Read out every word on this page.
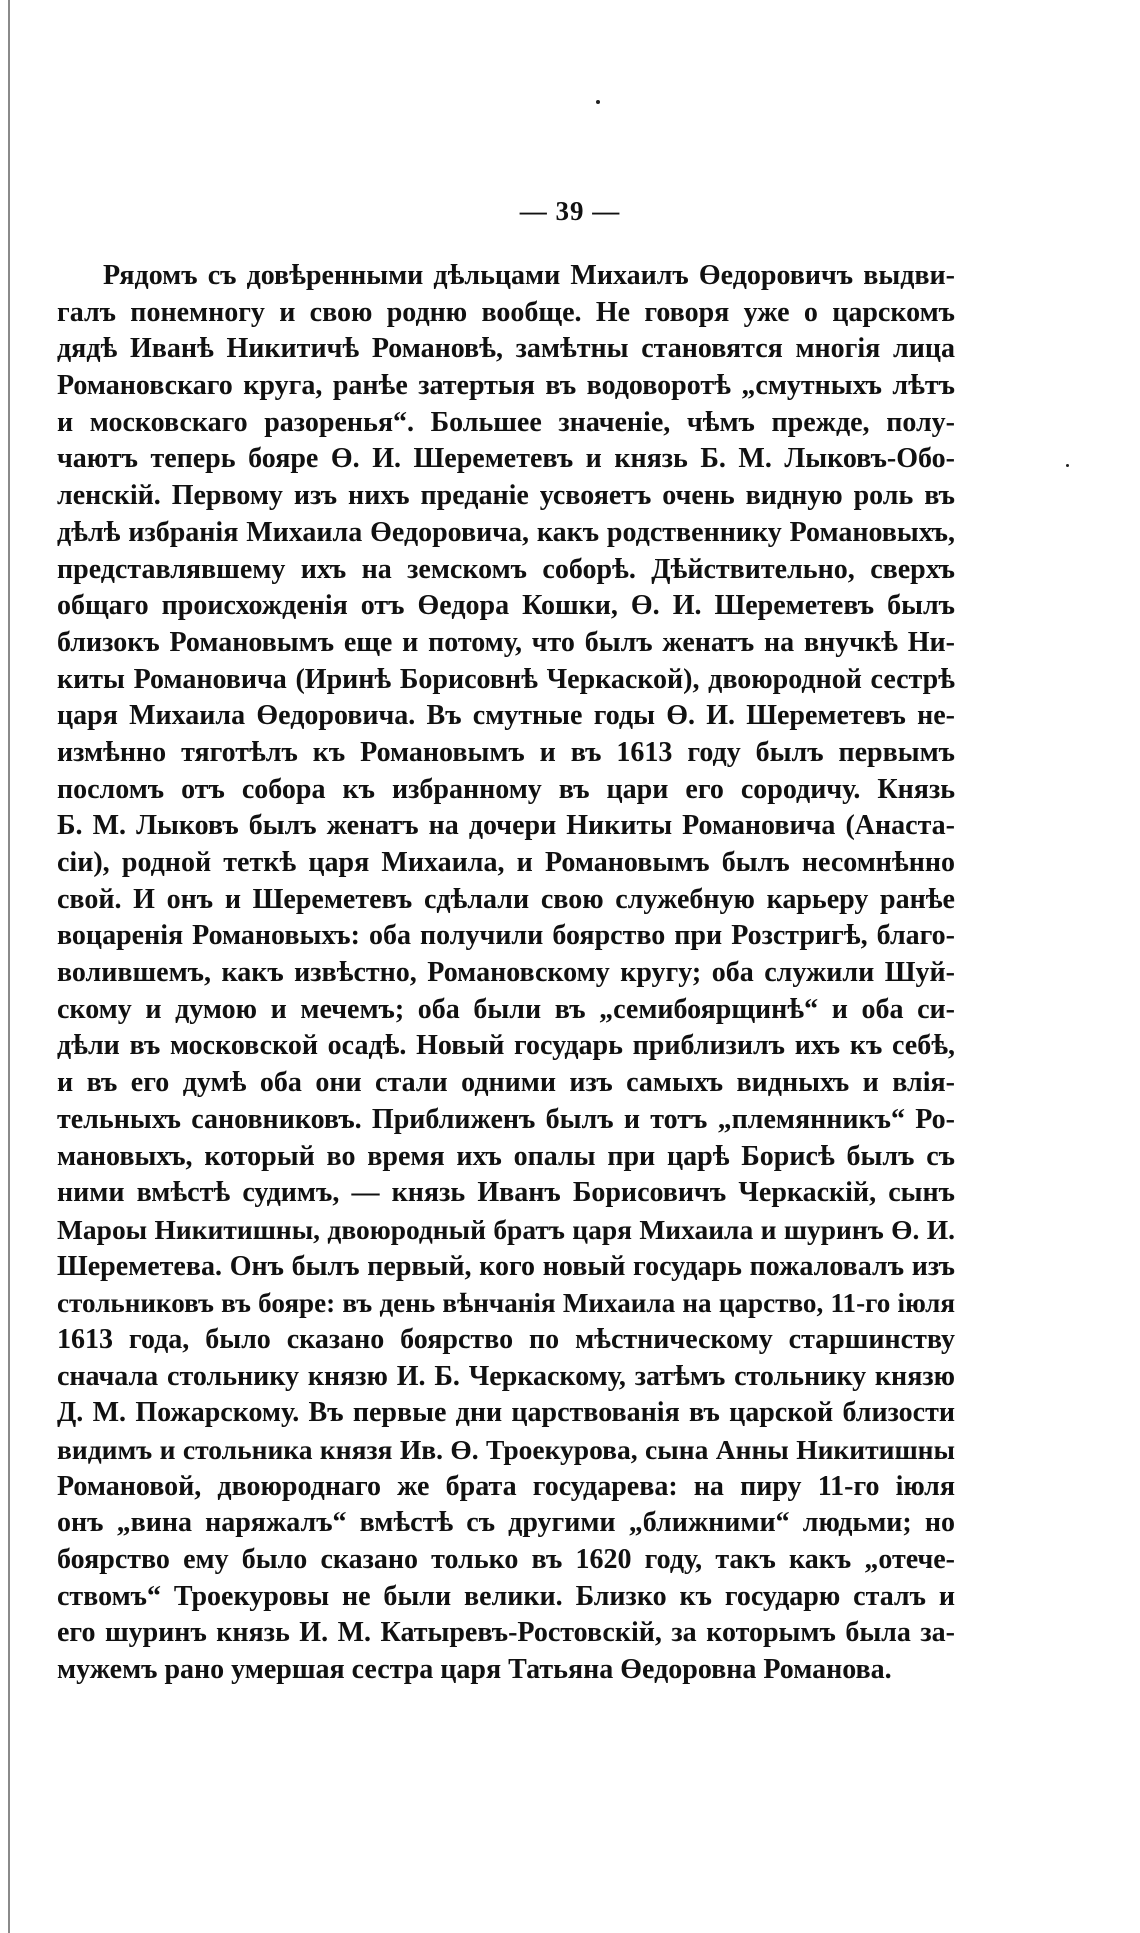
— 39 —
Рядомъ съ довѣренными дѣльцами Михаилъ Өедоровичъ выдви-
галъ понемногу и свою родню вообще. Не говоря уже о царскомъ
дядѣ Иванѣ Никитичѣ Романовѣ, замѣтны становятся многія лица
Романовскаго круга, ранѣе затертыя въ водоворотѣ „смутныхъ лѣтъ
и московскаго разоренья“. Большее значеніе, чѣмъ прежде, полу-
чаютъ теперь бояре Ө. И. Шереметевъ и князь Б. М. Лыковъ-Обо-
ленскій. Первому изъ нихъ преданіе усвояетъ очень видную роль въ
дѣлѣ избранія Михаила Өедоровича, какъ родственнику Романовыхъ,
представлявшему ихъ на земскомъ соборѣ. Дѣйствительно, сверхъ
общаго происхожденія отъ Өедора Кошки, Ө. И. Шереметевъ былъ
близокъ Романовымъ еще и потому, что былъ женатъ на внучкѣ Ни-
киты Романовича (Иринѣ Борисовнѣ Черкаской), двоюродной сестрѣ
царя Михаила Өедоровича. Въ смутные годы Ө. И. Шереметевъ не-
измѣнно тяготѣлъ къ Романовымъ и въ 1613 году былъ первымъ
посломъ отъ собора къ избранному въ цари его сородичу. Князь
Б. М. Лыковъ былъ женатъ на дочери Никиты Романовича (Анаста-
сіи), родной теткѣ царя Михаила, и Романовымъ былъ несомнѣнно
свой. И онъ и Шереметевъ сдѣлали свою служебную карьеру ранѣе
воцаренія Романовыхъ: оба получили боярство при Розстригѣ, благо-
волившемъ, какъ извѣстно, Романовскому кругу; оба служили Шуй-
скому и думою и мечемъ; оба были въ „семибоярщинѣ“ и оба си-
дѣли въ московской осадѣ. Новый государь приблизилъ ихъ къ себѣ,
и въ его думѣ оба они стали одними изъ самыхъ видныхъ и влія-
тельныхъ сановниковъ. Приближенъ былъ и тотъ „племянникъ“ Ро-
мановыхъ, который во время ихъ опалы при царѣ Борисѣ былъ съ
ними вмѣстѣ судимъ, — князь Иванъ Борисовичъ Черкаскій, сынъ
Мароы Никитишны, двоюродный братъ царя Михаила и шуринъ Ө. И.
Шереметева. Онъ былъ первый, кого новый государь пожаловалъ изъ
стольниковъ въ бояре: въ день вѣнчанія Михаила на царство, 11-го іюля
1613 года, было сказано боярство по мѣстническому старшинству
сначала стольнику князю И. Б. Черкаскому, затѣмъ стольнику князю
Д. М. Пожарскому. Въ первые дни царствованія въ царской близости
видимъ и стольника князя Ив. Ө. Троекурова, сына Анны Никитишны
Романовой, двоюроднаго же брата государева: на пиру 11-го іюля
онъ „вина наряжалъ“ вмѣстѣ съ другими „ближними“ людьми; но
боярство ему было сказано только въ 1620 году, такъ какъ „отече-
ствомъ“ Троекуровы не были велики. Близко къ государю сталъ и
его шуринъ князь И. М. Катыревъ-Ростовскій, за которымъ была за-
мужемъ рано умершая сестра царя Татьяна Өедоровна Романова.
